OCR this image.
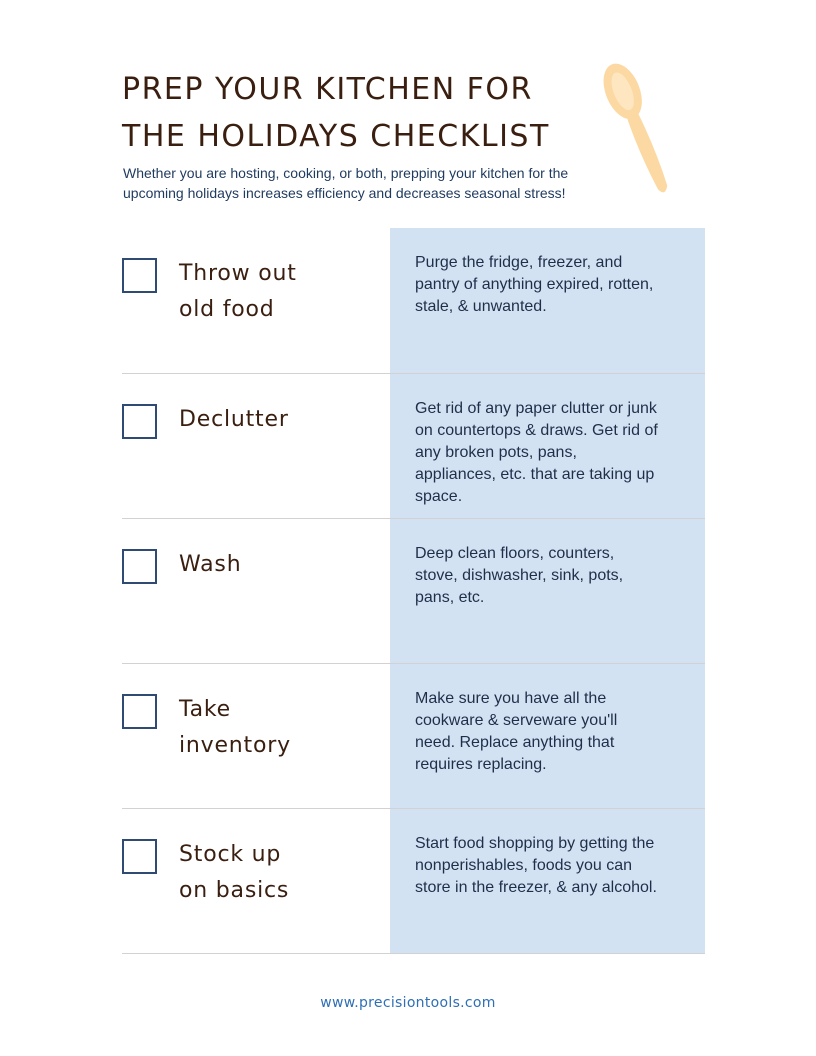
PREP YOUR KITCHEN FOR
THE HOLIDAYS CHECKLIST

Whether you are hosting, cooking, or both, prepping your kitchen for the upcoming holidays increases efficiency and decreases seasonal stress!

Throw out
old food
Purge the fridge, freezer, and pantry of anything expired, rotten, stale, & unwanted.
Declutter	Get rid of any paper clutter or junk on countertops & draws. Get rid of any broken pots, pans, appliances, etc. that are taking up space.
Wash	Deep clean floors, counters, stove, dishwasher, sink, pots, pans, etc.
Take
inventory
Make sure you have all the cookware & serveware you'll need. Replace anything that requires replacing.
Stock up
on basics
Start food shopping by getting the nonperishables, foods you can store in the freezer, & any alcohol.
www.precisiontools.com
